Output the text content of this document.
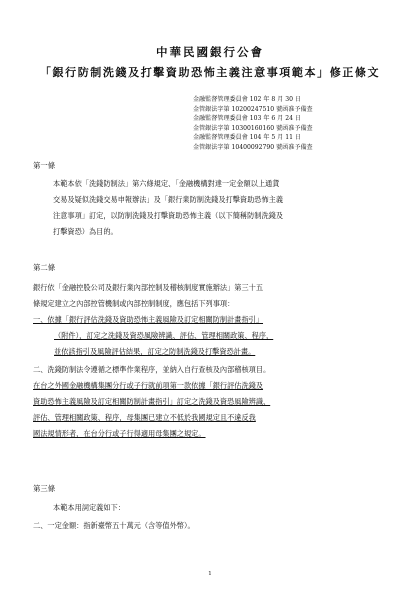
中華民國銀行公會
「銀行防制洗錢及打擊資助恐怖主義注意事項範本」修正條文
金融監督管理委員會 102 年 8 月 30 日
金管銀法字第 10200247510 號函准予備查
金融監督管理委員會 103 年 6 月 24 日
金管銀法字第 10300160160 號函准予備查
金融監督管理委員會 104 年 5 月 11 日
金管銀法字第 10400092790 號函准予備查
第一條
本範本依「洗錢防制法」第六條規定、「金融機構對達一定金額以上通貨
交易及疑似洗錢交易申報辦法」及「銀行業防制洗錢及打擊資助恐怖主義
注意事項」訂定，以防制洗錢及打擊資助恐怖主義（以下簡稱防制洗錢及
打擊資恐）為目的。
第二條
銀行依「金融控股公司及銀行業內部控制及稽核制度實施辦法」第三十五
條規定建立之內部控管機制或內部控制制度，應包括下列事項：
一、依據「銀行評估洗錢及資助恐怖主義風險及訂定相關防制計畫指引」
（附件），訂定之洗錢及資恐風險辨識、評估、管理相關政策、程序，
並依該指引及風險評估結果，訂定之防制洗錢及打擊資恐計畫。
二、洗錢防制法令遵循之標準作業程序，並納入自行查核及內部稽核項目。
在台之外國金融機構集團分行或子行就前項第一款依據「銀行評估洗錢及
資助恐怖主義風險及訂定相關防制計畫指引」訂定之洗錢及資恐風險辨識、
評估、管理相關政策、程序，母集團已建立不低於我國規定且不違反我
國法規情形者，在台分行或子行得適用母集團之規定。
第三條
本範本用詞定義如下：
二、一定金額：指新臺幣五十萬元（含等值外幣）。
1
